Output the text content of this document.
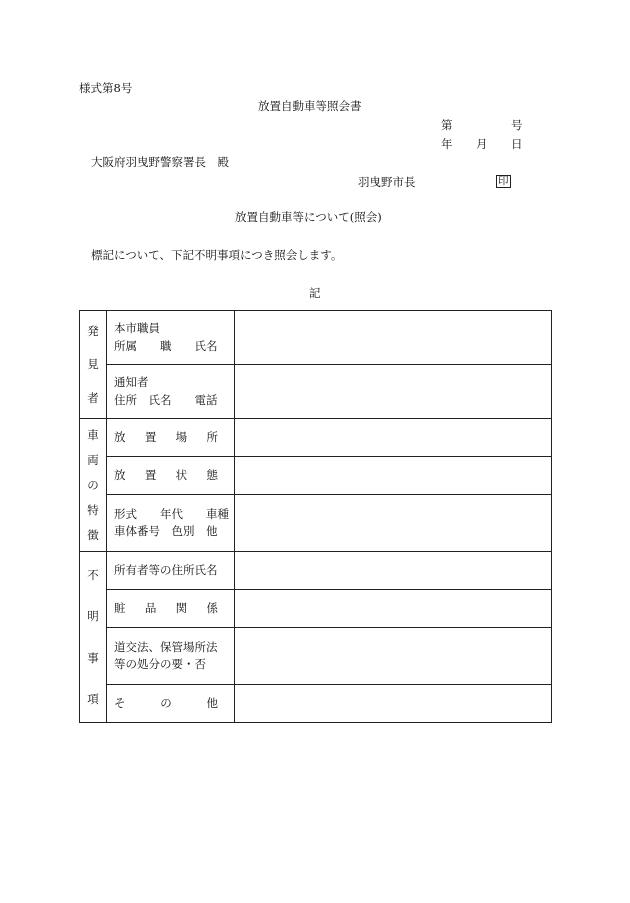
様式第8号
放置自動車等照会書
第	号
年 月 日
大阪府羽曳野警察署長　殿
羽曳野市長	印
放置自動車等について(照会)
標記について、下記不明事項につき照会します。
記
発
見
者	本市職員
所属　　職　　氏名	

	通知者
住所　氏名　　電話	

車
両
の
特
徴	放 置 場 所	

	放 置 状 態	

	形式　　年代　　車種
車体番号　色別　他	

不
明
事
項	所有者等の住所氏名	

	賍 品 関 係	

	道交法、保管場所法
等の処分の要・否	

	そ の 他	
